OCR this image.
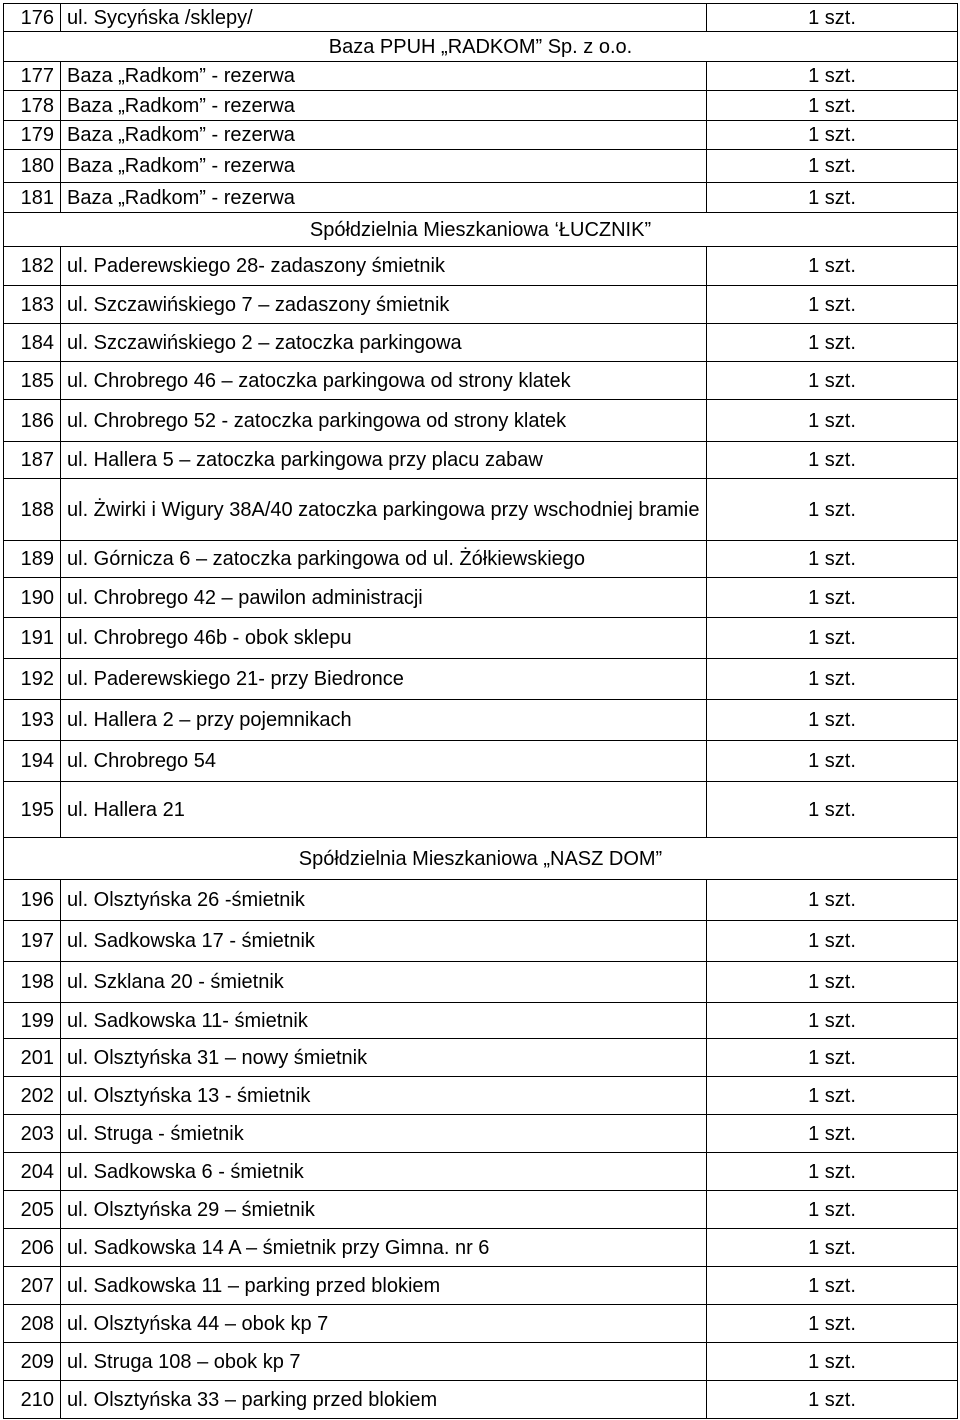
176	ul. Sycyńska /sklepy/	1 szt.
Baza PPUH „RADKOM” Sp. z o.o.		
177	Baza „Radkom” - rezerwa	1 szt.
178	Baza „Radkom” - rezerwa	1 szt.
179	Baza „Radkom” - rezerwa	1 szt.
180	Baza „Radkom” - rezerwa	1 szt.
181	Baza „Radkom” - rezerwa	1 szt.
Spółdzielnia Mieszkaniowa ‘ŁUCZNIK”		
182	ul. Paderewskiego 28- zadaszony śmietnik	1 szt.
183	ul. Szczawińskiego 7 – zadaszony śmietnik	1 szt.
184	ul. Szczawińskiego 2 – zatoczka parkingowa	1 szt.
185	ul. Chrobrego 46 – zatoczka parkingowa od strony klatek	1 szt.
186	ul. Chrobrego 52 - zatoczka parkingowa od strony klatek	1 szt.
187	ul. Hallera 5 – zatoczka parkingowa przy placu zabaw	1 szt.
188	ul. Żwirki i Wigury 38A/40 zatoczka parkingowa przy wschodniej bramie	1 szt.
189	ul. Górnicza 6 – zatoczka parkingowa od ul. Żółkiewskiego	1 szt.
190	ul. Chrobrego 42 – pawilon administracji	1 szt.
191	ul. Chrobrego 46b - obok sklepu	1 szt.
192	ul. Paderewskiego 21- przy Biedronce	1 szt.
193	ul. Hallera 2 – przy pojemnikach	1 szt.
194	ul. Chrobrego 54	1 szt.
195	ul. Hallera 21	1 szt.
Spółdzielnia Mieszkaniowa „NASZ DOM”		
196	ul. Olsztyńska 26 -śmietnik	1 szt.
197	ul. Sadkowska 17 - śmietnik	1 szt.
198	ul. Szklana 20 - śmietnik	1 szt.
199	ul. Sadkowska 11- śmietnik	1 szt.
201	ul. Olsztyńska 31 – nowy śmietnik	1 szt.
202	ul. Olsztyńska 13 - śmietnik	1 szt.
203	ul. Struga - śmietnik	1 szt.
204	ul. Sadkowska 6 - śmietnik	1 szt.
205	ul. Olsztyńska 29 – śmietnik	1 szt.
206	ul. Sadkowska 14 A – śmietnik przy Gimna. nr 6	1 szt.
207	ul. Sadkowska 11 – parking przed blokiem	1 szt.
208	ul. Olsztyńska 44 – obok kp 7	1 szt.
209	ul. Struga 108 – obok kp 7	1 szt.
210	ul. Olsztyńska 33 – parking przed blokiem	1 szt.
